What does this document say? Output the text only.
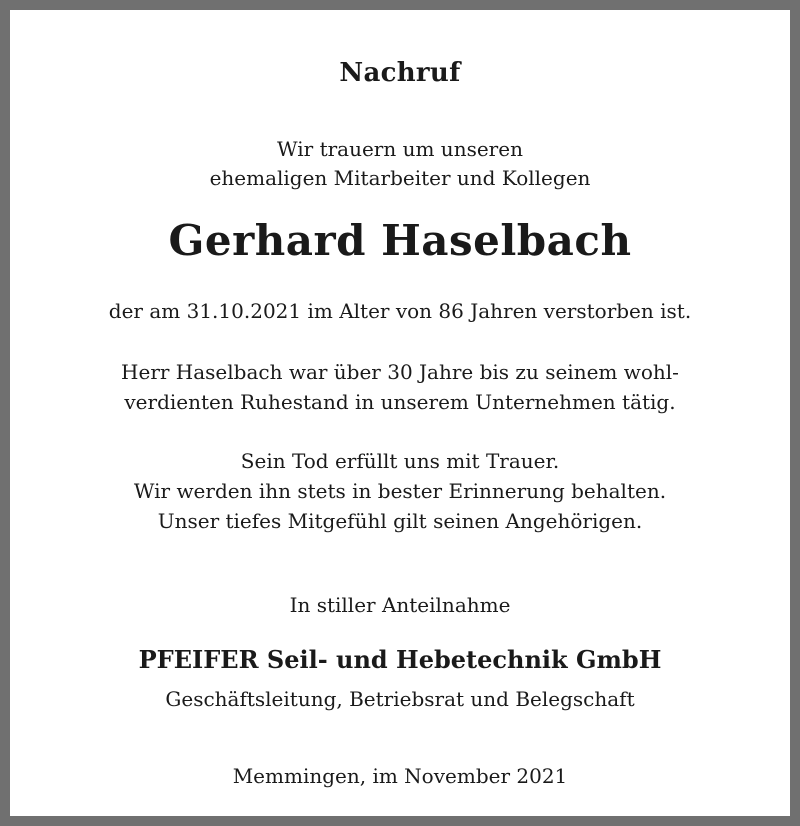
Nachruf
Wir trauern um unseren
ehemaligen Mitarbeiter und Kollegen
Gerhard Haselbach
der am 31.10.2021 im Alter von 86 Jahren verstorben ist.
Herr Haselbach war über 30 Jahre bis zu seinem wohl-
verdienten Ruhestand in unserem Unternehmen tätig.
Sein Tod erfüllt uns mit Trauer.
Wir werden ihn stets in bester Erinnerung behalten.
Unser tiefes Mitgefühl gilt seinen Angehörigen.
In stiller Anteilnahme
PFEIFER Seil- und Hebetechnik GmbH
Geschäftsleitung, Betriebsrat und Belegschaft
Memmingen, im November 2021
